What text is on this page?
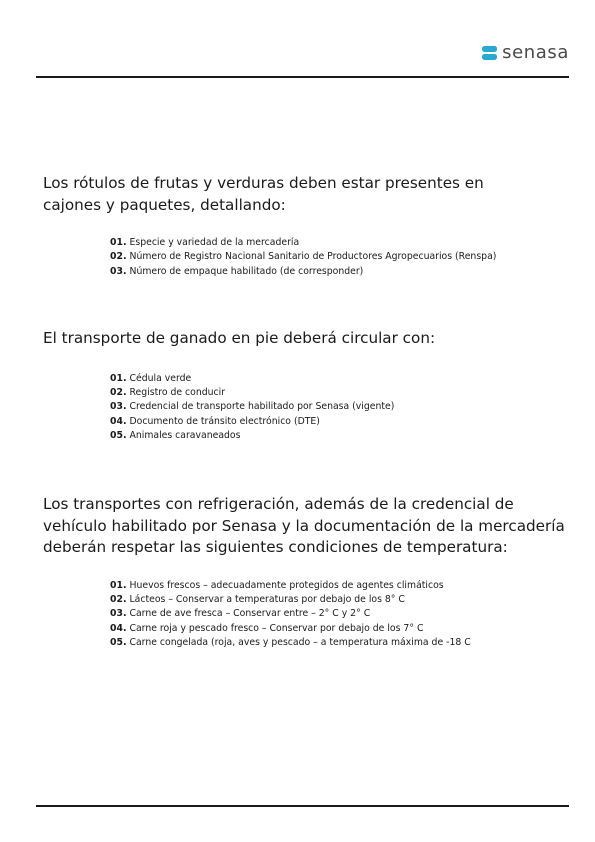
senasa

Los rótulos de frutas y verduras deben estar presentes en
cajones y paquetes, detallando:

01. Especie y variedad de la mercadería
02. Número de Registro Nacional Sanitario de Productores Agropecuarios (Renspa)
03. Número de empaque habilitado (de corresponder)

El transporte de ganado en pie deberá circular con:

01. Cédula verde
02. Registro de conducir
03. Credencial de transporte habilitado por Senasa (vigente)
04. Documento de tránsito electrónico (DTE)
05. Animales caravaneados

Los transportes con refrigeración, además de la credencial de
vehículo habilitado por Senasa y la documentación de la mercadería
deberán respetar las siguientes condiciones de temperatura:

01. Huevos frescos – adecuadamente protegidos de agentes climáticos
02. Lácteos – Conservar a temperaturas por debajo de los 8° C
03. Carne de ave fresca – Conservar entre – 2° C y 2° C
04. Carne roja y pescado fresco – Conservar por debajo de los 7° C
05. Carne congelada (roja, aves y pescado – a temperatura máxima de -18 C
